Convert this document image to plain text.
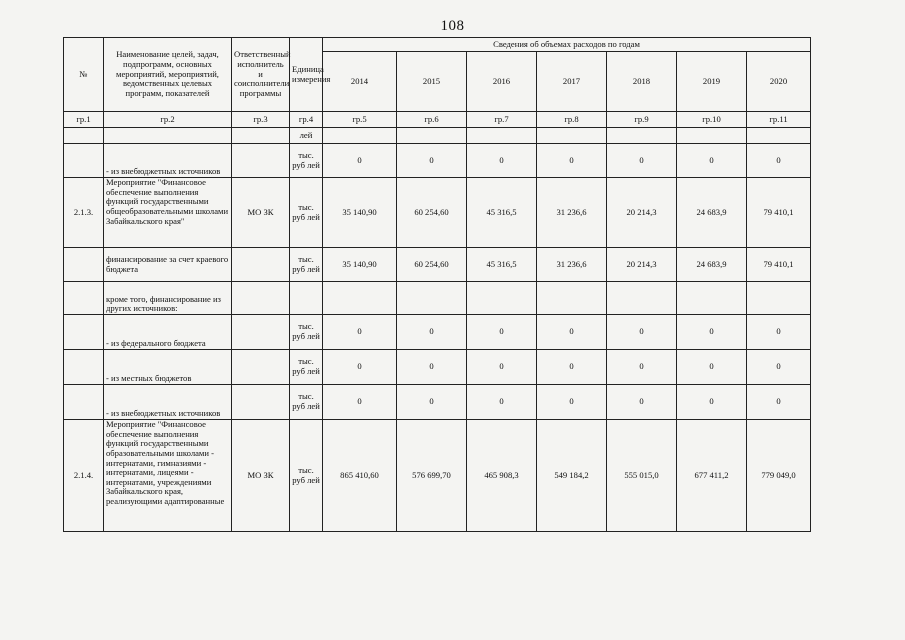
108
№	Наименование целей, задач, подпрограмм, основных мероприятий, мероприятий, ведомственных целевых программ, показателей	Ответственный исполнитель и соисполнители программы	Единица измерения	Сведения об объемах расходов по годам						
				2014	2015	2016	2017	2018	2019	2020
гр.1	гр.2	гр.3	гр.4	гр.5	гр.6	гр.7	гр.8	гр.9	гр.10	гр.11
			лей							
	- из внебюджетных источников		тыс. руб лей	0	0	0	0	0	0	0
2.1.3.	Мероприятие "Финансовое обеспечение выполнения функций государственными общеобразовательными школами Забайкальского края"	МО ЗК	тыс. руб лей	35 140,90	60 254,60	45 316,5	31 236,6	20 214,3	24 683,9	79 410,1
	финансирование за счет краевого бюджета		тыс. руб лей	35 140,90	60 254,60	45 316,5	31 236,6	20 214,3	24 683,9	79 410,1
	кроме того, финансирование из других источников:									
	- из федерального бюджета		тыс. руб лей	0	0	0	0	0	0	0
	- из местных бюджетов		тыс. руб лей	0	0	0	0	0	0	0
	- из внебюджетных источников		тыс. руб лей	0	0	0	0	0	0	0
2.1.4.	Мероприятие "Финансовое обеспечение выполнения функций государственными образовательными школами - интернатами, гимназиями - интернатами, лицеями - интернатами, учреждениями Забайкальского края, реализующими адаптированные	МО ЗК	тыс. руб лей	865 410,60	576 699,70	465 908,3	549 184,2	555 015,0	677 411,2	779 049,0
